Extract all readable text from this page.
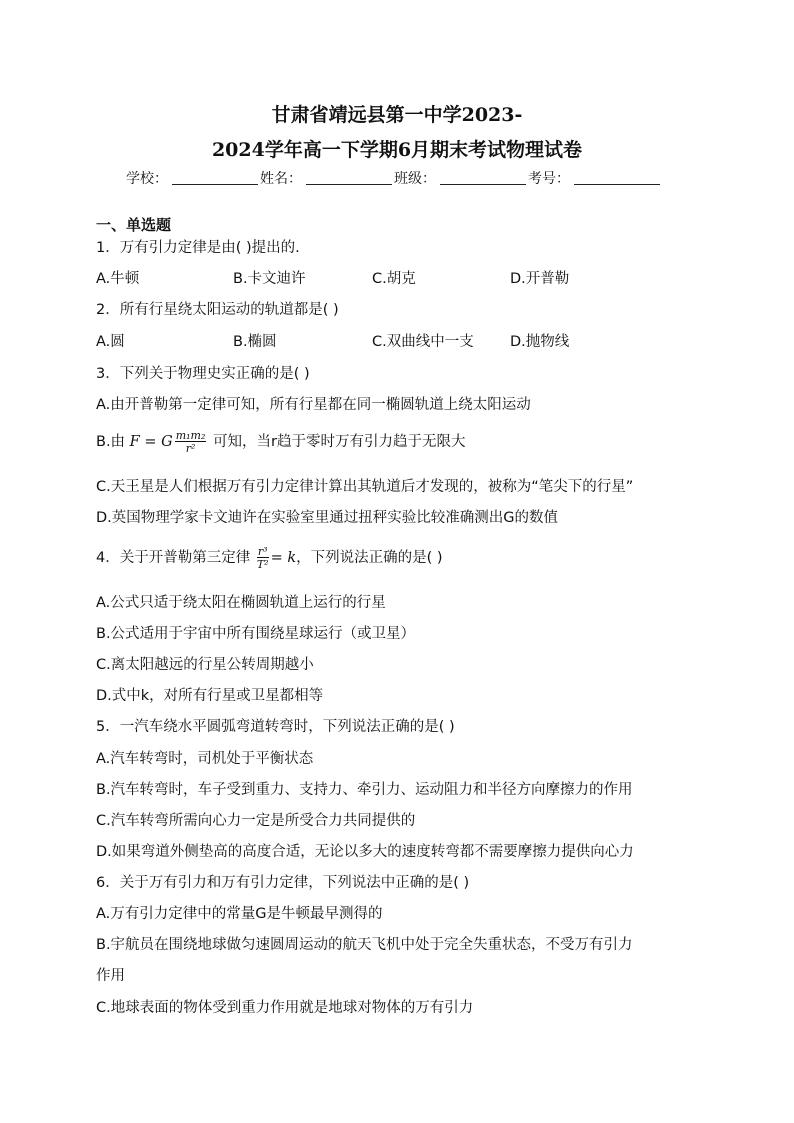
甘肃省靖远县第一中学2023-
2024学年高一下学期6月期末考试物理试卷
学校：	姓名：	班级：	考号：
一、单选题
1．万有引力定律是由( )提出的.
A.牛顿	B.卡文迪许	C.胡克	D.开普勒
2．所有行星绕太阳运动的轨道都是( )
A.圆	B.椭圆	C.双曲线中一支	D.抛物线
3．下列关于物理史实正确的是( )
A.由开普勒第一定律可知，所有行星都在同一椭圆轨道上绕太阳运动
B.由 F = G $\frac{\text{m₁m₂}}{\text{r²}}$ 可知，当r趋于零时万有引力趋于无限大
C.天王星是人们根据万有引力定律计算出其轨道后才发现的，被称为“笔尖下的行星”
D.英国物理学家卡文迪许在实验室里通过扭秤实验比较准确测出G的数值
4．关于开普勒第三定律 $\frac{\text{r³}}{\text{T²}} = k$，下列说法正确的是( )
A.公式只适于绕太阳在椭圆轨道上运行的行星
B.公式适用于宇宙中所有围绕星球运行（或卫星）
C.离太阳越远的行星公转周期越小
D.式中k，对所有行星或卫星都相等
5．一汽车绕水平圆弧弯道转弯时，下列说法正确的是( )
A.汽车转弯时，司机处于平衡状态
B.汽车转弯时，车子受到重力、支持力、牵引力、运动阻力和半径方向摩擦力的作用
C.汽车转弯所需向心力一定是所受合力共同提供的
D.如果弯道外侧垫高的高度合适，无论以多大的速度转弯都不需要摩擦力提供向心力
6．关于万有引力和万有引力定律，下列说法中正确的是( )
A.万有引力定律中的常量G是牛顿最早测得的
B.宇航员在围绕地球做匀速圆周运动的航天飞机中处于完全失重状态，不受万有引力
作用
C.地球表面的物体受到重力作用就是地球对物体的万有引力
